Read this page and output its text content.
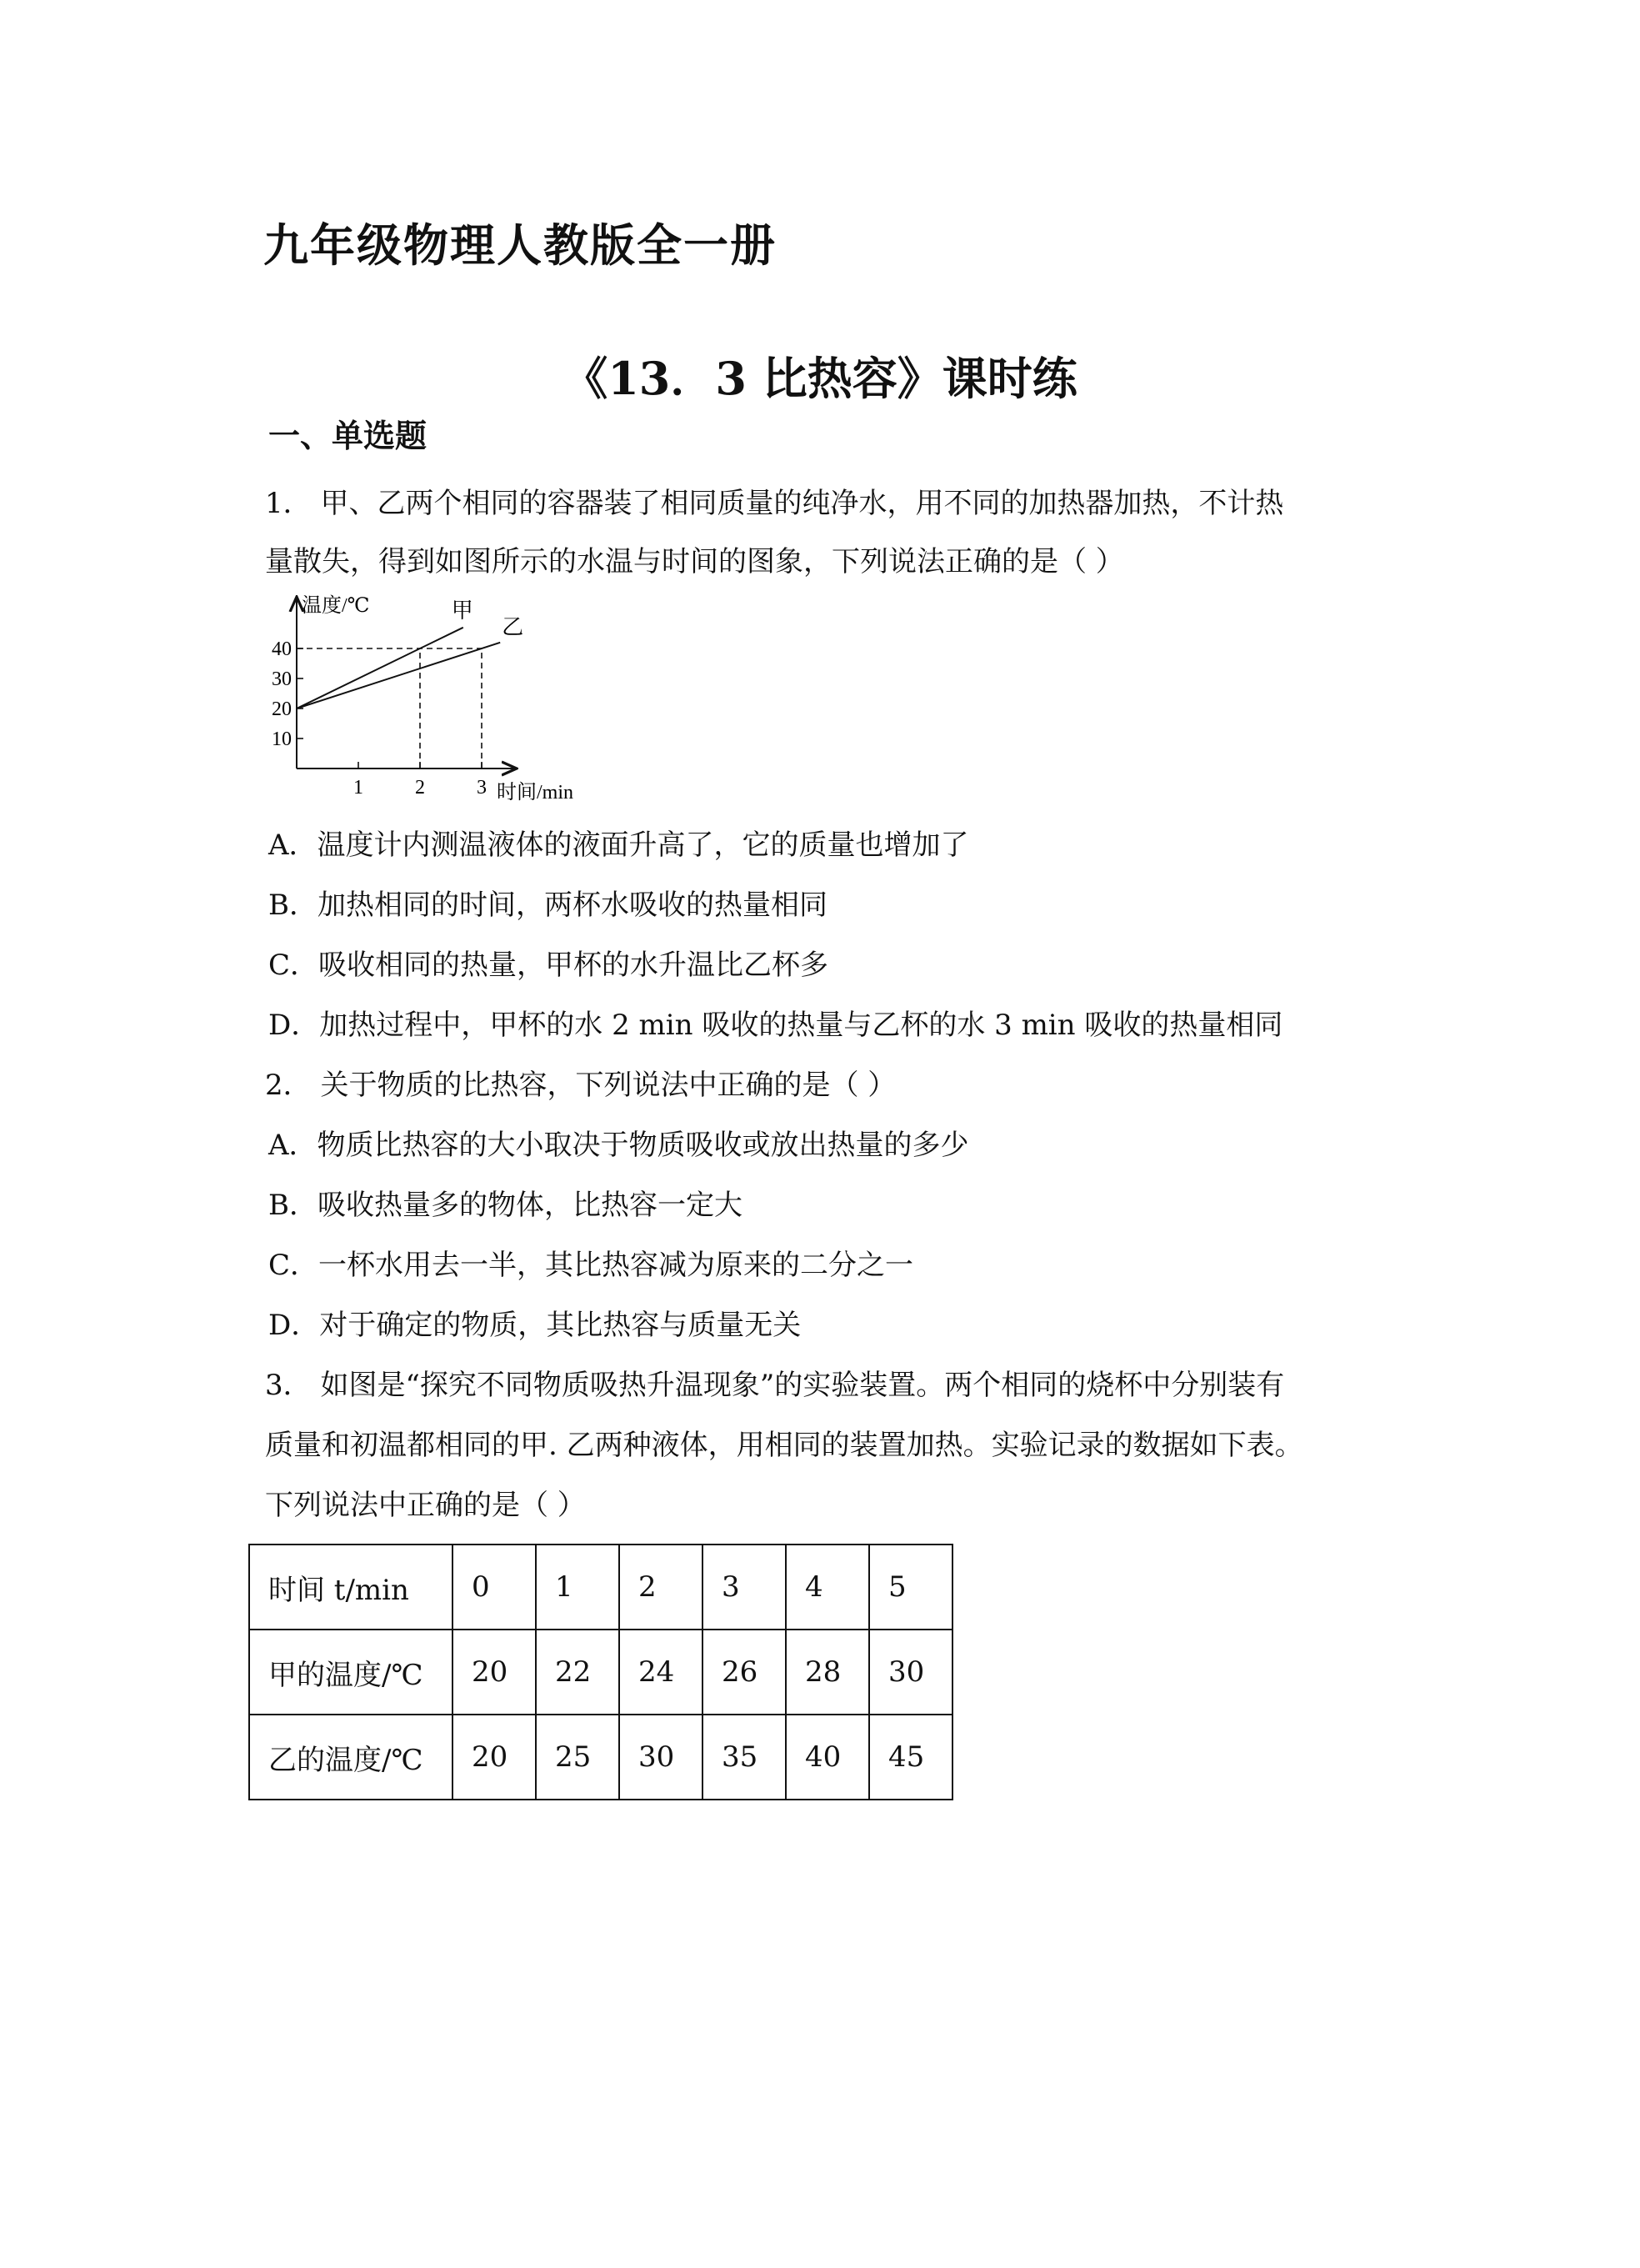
九年级物理人教版全一册
《13．3 比热容》课时练
一、单选题
1． 甲、乙两个相同的容器装了相同质量的纯净水，用不同的加热器加热，不计热
量散失，得到如图所示的水温与时间的图象，下列说法正确的是（ ）
温度/℃
时间/min
10
20
30
40
1	2	3
甲
乙
A．温度计内测温液体的液面升高了，它的质量也增加了
B．加热相同的时间，两杯水吸收的热量相同
C．吸收相同的热量，甲杯的水升温比乙杯多
D．加热过程中，甲杯的水 2 min 吸收的热量与乙杯的水 3 min 吸收的热量相同
2． 关于物质的比热容，下列说法中正确的是（ ）
A．物质比热容的大小取决于物质吸收或放出热量的多少
B．吸收热量多的物体，比热容一定大
C．一杯水用去一半，其比热容减为原来的二分之一
D．对于确定的物质，其比热容与质量无关
3． 如图是“探究不同物质吸热升温现象”的实验装置。两个相同的烧杯中分别装有
质量和初温都相同的甲. 乙两种液体，用相同的装置加热。实验记录的数据如下表。
下列说法中正确的是（ ）
时间 t/min	0	1	2	3	4	5
甲的温度/℃	20	22	24	26	28	30
乙的温度/℃	20	25	30	35	40	45
